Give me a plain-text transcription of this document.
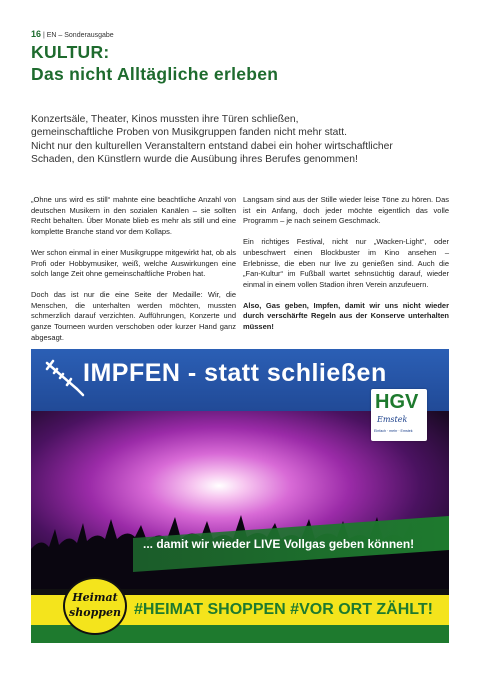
16 | EN – Sonderausgabe
KULTUR:
Das nicht Alltägliche erleben

Konzertsäle, Theater, Kinos mussten ihre Türen schließen,

gemeinschaftliche Proben von Musikgruppen fanden nicht mehr statt.

Nicht nur den kulturellen Veranstaltern entstand dabei ein hoher wirtschaftlicher

Schaden, den Künstlern wurde die Ausübung ihres Berufes genommen!

„Ohne uns wird es still“ mahnte eine beachtliche Anzahl von deutschen Musikern in den sozialen Kanälen – sie sollten Recht behalten. Über Monate blieb es mehr als still und eine komplette Branche stand vor dem Kollaps.

Wer schon einmal in einer Musikgruppe mitgewirkt hat, ob als Profi oder Hobbymusiker, weiß, welche Auswirkungen eine solch lange Zeit ohne gemeinschaftliche Proben hat.

Doch das ist nur die eine Seite der Medaille: Wir, die Menschen, die unterhalten werden möchten, mussten schmerzlich darauf verzichten. Aufführungen, Konzerte und ganze Tourneen wurden verschoben oder kurzer Hand ganz abgesagt.

Langsam sind aus der Stille wieder leise Töne zu hören. Das ist ein Anfang, doch jeder möchte eigentlich das volle Programm – je nach seinem Geschmack.

Ein richtiges Festival, nicht nur „Wacken-Light“, oder unbeschwert einen Blockbuster im Kino ansehen – Erlebnisse, die eben nur live zu genießen sind. Auch die „Fan-Kultur“ im Fußball wartet sehnsüchtig darauf, wieder einmal in einem vollen Stadion ihren Verein anzufeuern.

Also, Gas geben, Impfen, damit wir uns nicht wieder durch verschärfte Regeln aus der Konserve unterhalten müssen!

IMPFEN - statt schließen
HGV
Emstek
Einfach · mehr · Emstek
... damit wir wieder LIVE Vollgas geben können!
#HEIMAT SHOPPEN #VOR ORT ZÄHLT!
Heimat
shoppen
